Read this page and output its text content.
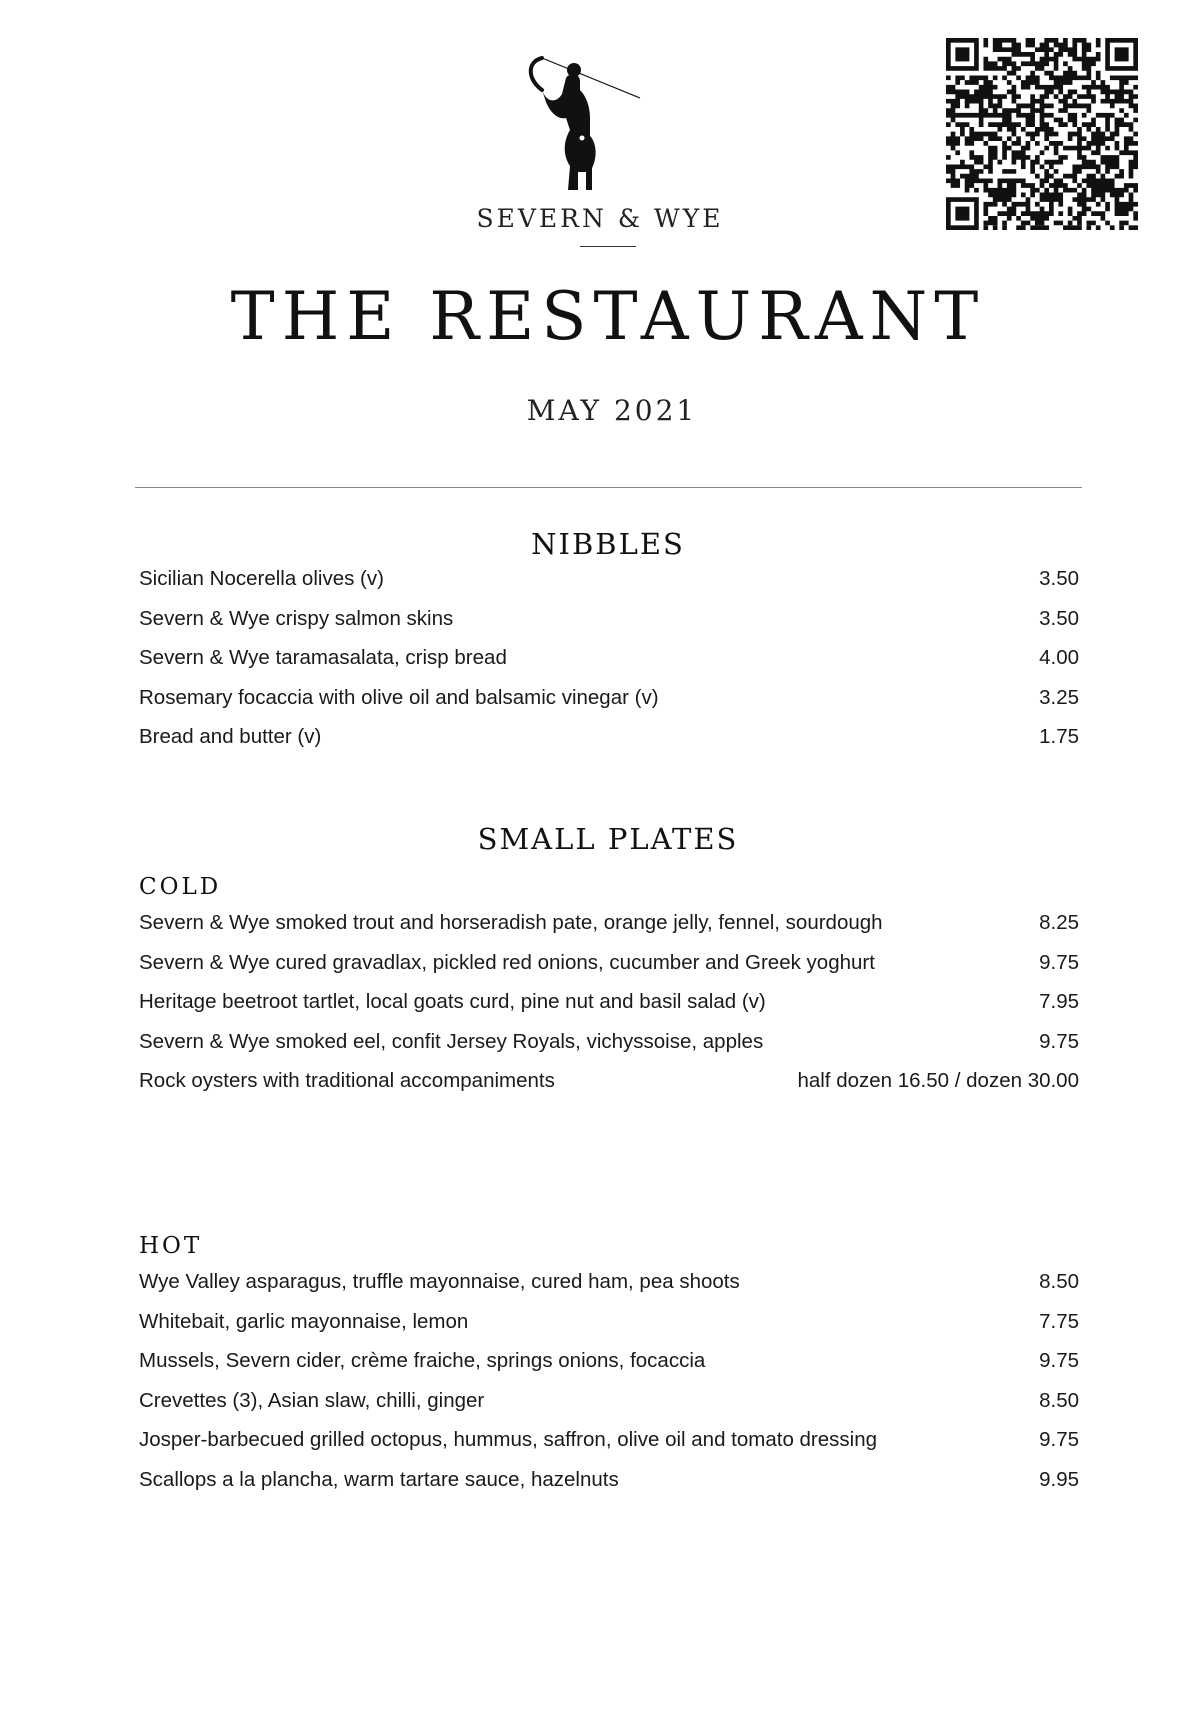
SEVERN & WYE
THE RESTAURANT
MAY 2021
NIBBLES
Sicilian Nocerella olives (v)	3.50
Severn & Wye crispy salmon skins	3.50
Severn & Wye taramasalata, crisp bread	4.00
Rosemary focaccia with olive oil and balsamic vinegar (v)	3.25
Bread and butter (v)	1.75
SMALL PLATES
COLD
Severn & Wye smoked trout and horseradish pate, orange jelly, fennel, sourdough	8.25
Severn & Wye cured gravadlax, pickled red onions, cucumber and Greek yoghurt	9.75
Heritage beetroot tartlet, local goats curd, pine nut and basil salad (v)	7.95
Severn & Wye smoked eel, confit Jersey Royals, vichyssoise, apples	9.75
Rock oysters with traditional accompaniments	half dozen 16.50 / dozen 30.00
HOT
Wye Valley asparagus, truffle mayonnaise, cured ham, pea shoots	8.50
Whitebait, garlic mayonnaise, lemon	7.75
Mussels, Severn cider, crème fraiche, springs onions, focaccia	9.75
Crevettes (3), Asian slaw, chilli, ginger	8.50
Josper-barbecued grilled octopus, hummus, saffron, olive oil and tomato dressing	9.75
Scallops a la plancha, warm tartare sauce, hazelnuts	9.95
